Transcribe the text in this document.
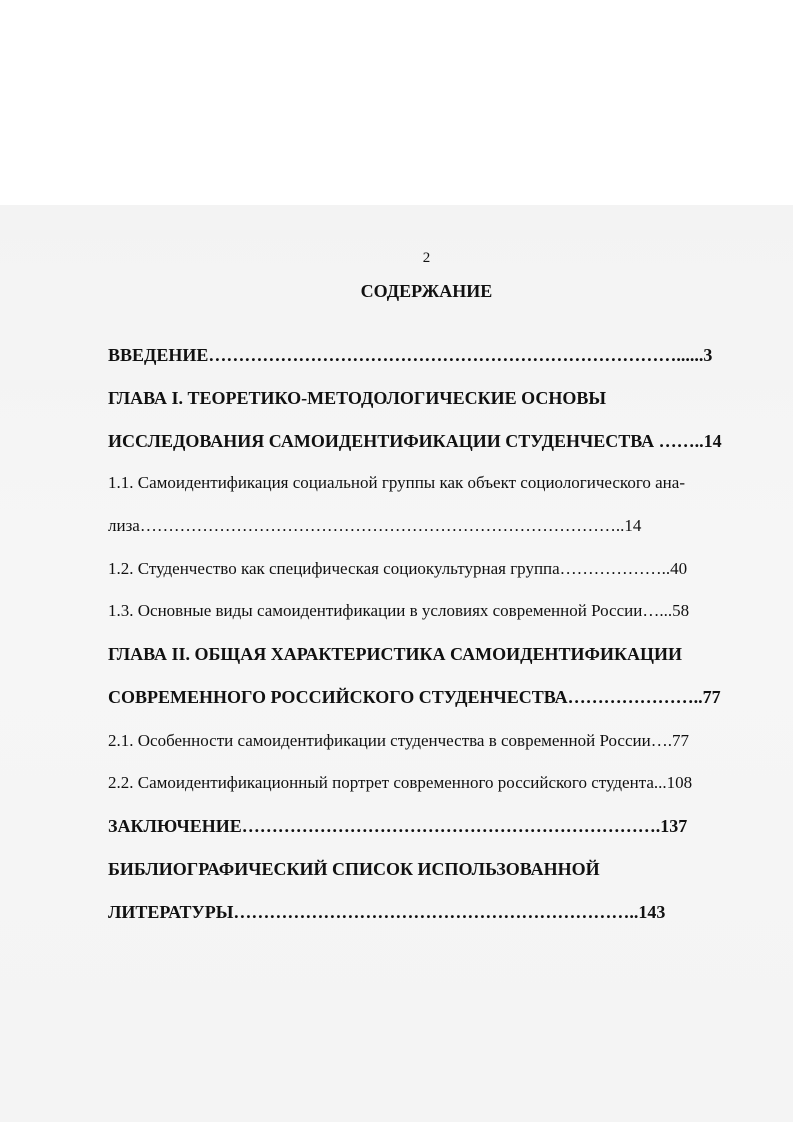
2
СОДЕРЖАНИЕ
ВВЕДЕНИЕ……………………………………………………………………......3
ГЛАВА I. ТЕОРЕТИКО-МЕТОДОЛОГИЧЕСКИЕ ОСНОВЫ
ИССЛЕДОВАНИЯ САМОИДЕНТИФИКАЦИИ СТУДЕНЧЕСТВА ……..14
1.1. Самоидентификация социальной группы как объект социологического ана-
лиза…………………………………………………………………………..14
1.2. Студенчество как специфическая социокультурная группа………………..40
1.3. Основные виды самоидентификации в условиях современной России…...58
ГЛАВА II. ОБЩАЯ ХАРАКТЕРИСТИКА САМОИДЕНТИФИКАЦИИ
СОВРЕМЕННОГО РОССИЙСКОГО СТУДЕНЧЕСТВА…………………..77
2.1. Особенности самоидентификации студенчества в современной России….77
2.2. Самоидентификационный портрет современного российского студента...108
ЗАКЛЮЧЕНИЕ…………………………………………………………….137
БИБЛИОГРАФИЧЕСКИЙ СПИСОК ИСПОЛЬЗОВАННОЙ
ЛИТЕРАТУРЫ…………………………………………………………..143
